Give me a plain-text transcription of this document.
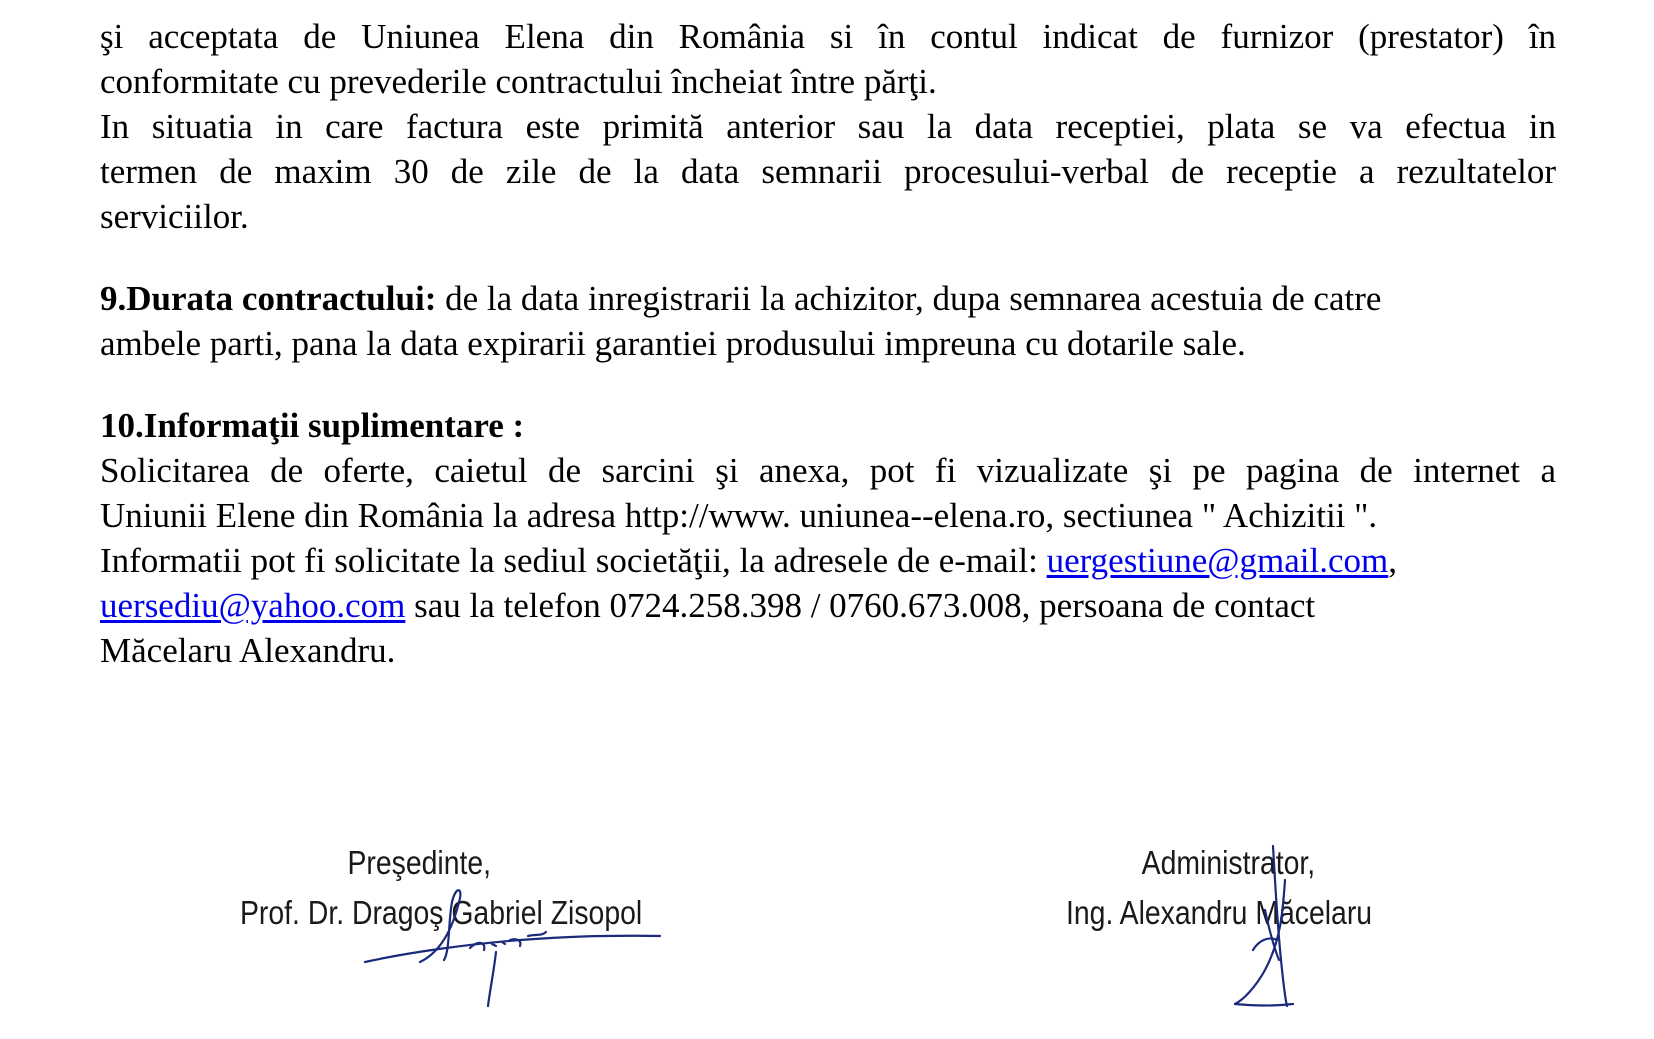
şi acceptata de Uniunea Elena din România si în contul indicat de furnizor (prestator) în
conformitate cu prevederile contractului încheiat între părţi.
In situatia in care factura este primită anterior sau la data receptiei, plata se va efectua in
termen de maxim 30 de zile de la data semnarii procesului-verbal de receptie a rezultatelor
serviciilor.
9.Durata contractului: de la data inregistrarii la achizitor, dupa semnarea acestuia de catre
ambele parti, pana la data expirarii garantiei produsului impreuna cu dotarile sale.
10.Informaţii suplimentare :
Solicitarea de oferte, caietul de sarcini şi anexa, pot fi vizualizate şi pe pagina de internet a
Uniunii Elene din România la adresa http://www. uniunea--elena.ro, sectiunea " Achizitii ".
Informatii pot fi solicitate la sediul societăţii, la adresele de e-mail: uergestiune@gmail.com,
uersediu@yahoo.com sau la telefon 0724.258.398 / 0760.673.008, persoana de contact
Măcelaru Alexandru.
Preşedinte,
Prof. Dr. Dragoş Gabriel Zisopol
Administrator,
Ing. Alexandru Măcelaru
